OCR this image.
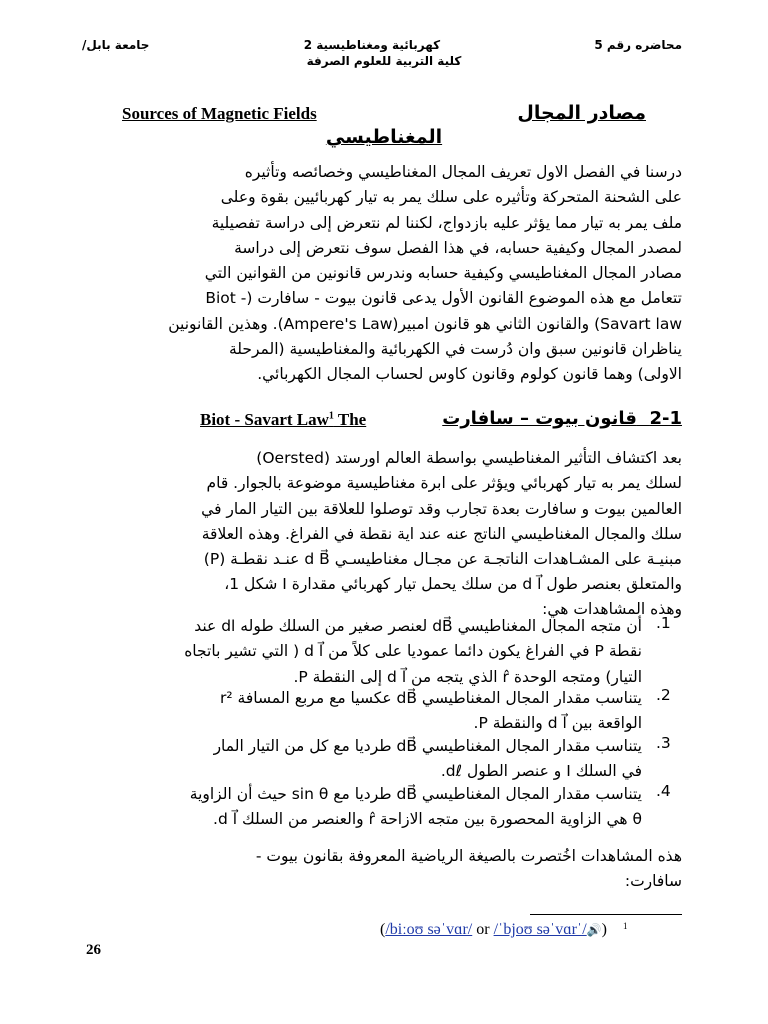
محاضره رقم 5
كهربائية ومغناطيسية 2
جامعة بابل/
كلية التربية للعلوم الصرفة
Sources of Magnetic Fields	مصادر المجال
المغناطيسي
درسنا في الفصل الاول تعريف المجال المغناطيسي وخصائصه وتأثيره
على الشحنة المتحركة وتأثيره على سلك يمر به تيار كهربائيين بقوة وعلى
ملف يمر به تيار مما يؤثر عليه بازدواج، لكننا لم نتعرض إلى دراسة تفصيلية
لمصدر المجال وكيفية حسابه، في هذا الفصل سوف نتعرض إلى دراسة
مصادر المجال المغناطيسي وكيفية حسابه وندرس قانونين من القوانين التي
تتعامل مع هذه الموضوع القانون الأول يدعى قانون بيوت - سافارت (- Biot
Savart law) والقانون الثاني هو قانون امبير(Ampere's Law). وهذين القانونين
يناظران قانونين سبق وان دُرست في الكهربائية والمغناطيسية (المرحلة
الاولى) وهما قانون كولوم وقانون كاوس لحساب المجال الكهربائي.
Biot - Savart Law$^1$ The	2-1  قانون بيوت – سافارت
بعد اكتشاف التأثير المغناطيسي بواسطة العالم اورستد (Oersted)
لسلك يمر به تيار كهربائي ويؤثر على ابرة مغناطيسية موضوعة بالجوار. قام
العالمين بيوت و سافارت بعدة تجارب وقد توصلوا للعلاقة بين التيار المار في
سلك والمجال المغناطيسي الناتج عنه عند اية نقطة في الفراغ. وهذه العلاقة
مبنيـة على المشـاهدات الناتجـة عن مجـال مغناطيسـي d B⃗ عنـد نقطـة (P)
والمتعلق بعنصر طول d l⃗ من سلك يحمل تيار كهربائي مقدارة I شكل 1،
وهذه المشاهدات هي:
.1
أن متجه المجال المغناطيسي dB⃗ لعنصر صغير من السلك طوله dl عند
نقطة P في الفراغ يكون دائما عموديا على كلاً من d l⃗ ( التي تشير باتجاه
التيار) ومتجه الوحدة r̂ الذي يتجه من d l⃗ إلى النقطة P.
.2
يتناسب مقدار المجال المغناطيسي dB⃗ عكسيا مع مربع المسافة r²
الواقعة بين d l⃗ والنقطة P.
.3
يتناسب مقدار المجال المغناطيسي dB⃗ طرديا مع كل من التيار المار
في السلك I و عنصر الطول dℓ.
.4
يتناسب مقدار المجال المغناطيسي dB⃗ طرديا مع sin θ حيث أن الزاوية
θ هي الزاوية المحصورة بين متجه الازاحة r̂ والعنصر من السلك d l⃗.
هذه المشاهدات اخُتصرت بالصيغة الرياضية المعروفة بقانون بيوت -
سافارت:
(/biːoʊ səˈvɑr/ or /ˈbjoʊ səˈvɑrˈ/🔊) $^1$
26
